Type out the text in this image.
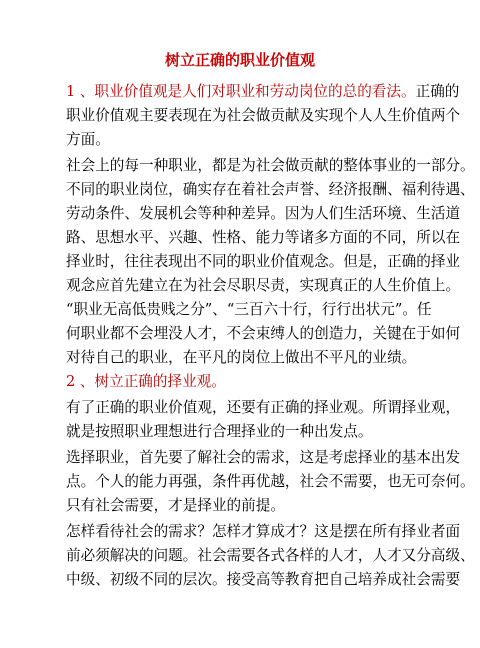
树立正确的职业价值观
1 、职业价值观是人们对职业和劳动岗位的总的看法。正确的
职业价值观主要表现在为社会做贡献及实现个人人生价值两个
方面。
社会上的每一种职业，都是为社会做贡献的整体事业的一部分。
不同的职业岗位，确实存在着社会声誉、经济报酬、福利待遇、
劳动条件、发展机会等种种差异。因为人们生活环境、生活道
路、思想水平、兴趣、性格、能力等诸多方面的不同，所以在
择业时，往往表现出不同的职业价值观念。但是，正确的择业
观念应首先建立在为社会尽职尽责，实现真正的人生价值上。
“职业无高低贵贱之分”、“三百六十行，行行出状元”。任
何职业都不会埋没人才，不会束缚人的创造力，关键在于如何
对待自己的职业，在平凡的岗位上做出不平凡的业绩。
2 、树立正确的择业观。
有了正确的职业价值观，还要有正确的择业观。所谓择业观，
就是按照职业理想进行合理择业的一种出发点。
选择职业，首先要了解社会的需求，这是考虑择业的基本出发
点。个人的能力再强，条件再优越，社会不需要，也无可奈何。
只有社会需要，才是择业的前提。
怎样看待社会的需求？怎样才算成才？这是摆在所有择业者面
前必须解决的问题。社会需要各式各样的人才，人才又分高级、
中级、初级不同的层次。接受高等教育把自己培养成社会需要
